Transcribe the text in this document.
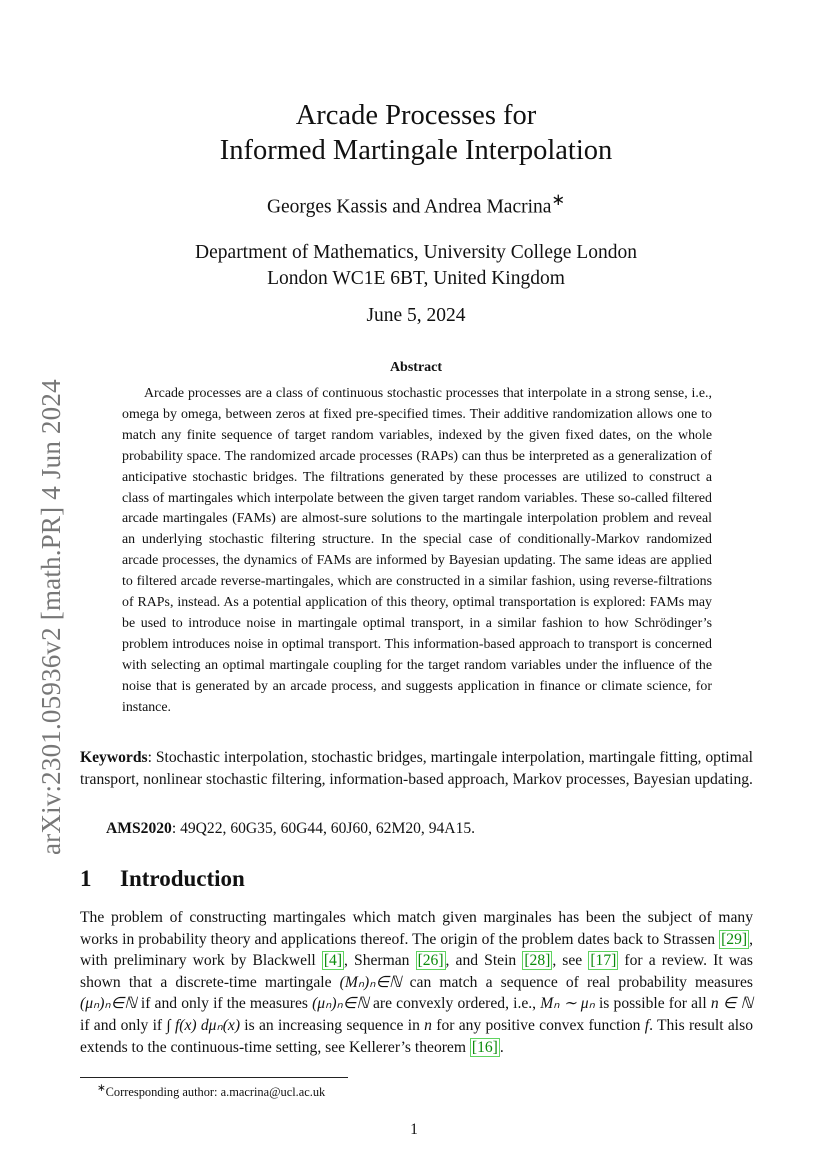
arXiv:2301.05936v2 [math.PR] 4 Jun 2024
Arcade Processes for
Informed Martingale Interpolation
Georges Kassis and Andrea Macrina∗
Department of Mathematics, University College London
London WC1E 6BT, United Kingdom
June 5, 2024
Abstract
Arcade processes are a class of continuous stochastic processes that interpolate in a strong sense, i.e., omega by omega, between zeros at fixed pre-specified times. Their additive randomization allows one to match any finite sequence of target random variables, indexed by the given fixed dates, on the whole probability space. The randomized arcade processes (RAPs) can thus be interpreted as a generalization of anticipative stochastic bridges. The filtrations generated by these processes are utilized to construct a class of martingales which interpolate between the given target random variables. These so-called filtered arcade martingales (FAMs) are almost-sure solutions to the martingale interpolation problem and reveal an underlying stochastic filtering structure. In the special case of conditionally-Markov randomized arcade processes, the dynamics of FAMs are informed by Bayesian updating. The same ideas are applied to filtered arcade reverse-martingales, which are constructed in a similar fashion, using reverse-filtrations of RAPs, instead. As a potential application of this theory, optimal transportation is explored: FAMs may be used to introduce noise in martingale optimal transport, in a similar fashion to how Schrödinger’s problem introduces noise in optimal transport. This information-based approach to transport is concerned with selecting an optimal martingale coupling for the target random variables under the influence of the noise that is generated by an arcade process, and suggests application in finance or climate science, for instance.
Keywords: Stochastic interpolation, stochastic bridges, martingale interpolation, martingale fitting, optimal transport, nonlinear stochastic filtering, information-based approach, Markov processes, Bayesian updating.
AMS2020: 49Q22, 60G35, 60G44, 60J60, 62M20, 94A15.
1 Introduction
The problem of constructing martingales which match given marginales has been the subject of many works in probability theory and applications thereof. The origin of the problem dates back to Strassen [29] , with preliminary work by Blackwell [4] , Sherman [26] , and Stein [28] , see [17] for a review. It was shown that a discrete-time martingale (Mₙ)ₙ∈ℕ can match a sequence of real probability measures (μₙ)ₙ∈ℕ if and only if the measures (μₙ)ₙ∈ℕ are convexly ordered, i.e., Mₙ ∼ μₙ is possible for all n ∈ ℕ if and only if ∫ f(x) dμₙ(x) is an increasing sequence in n for any positive convex function f. This result also extends to the continuous-time setting, see Kellerer’s theorem [16] .
∗Corresponding author: a.macrina@ucl.ac.uk
1
